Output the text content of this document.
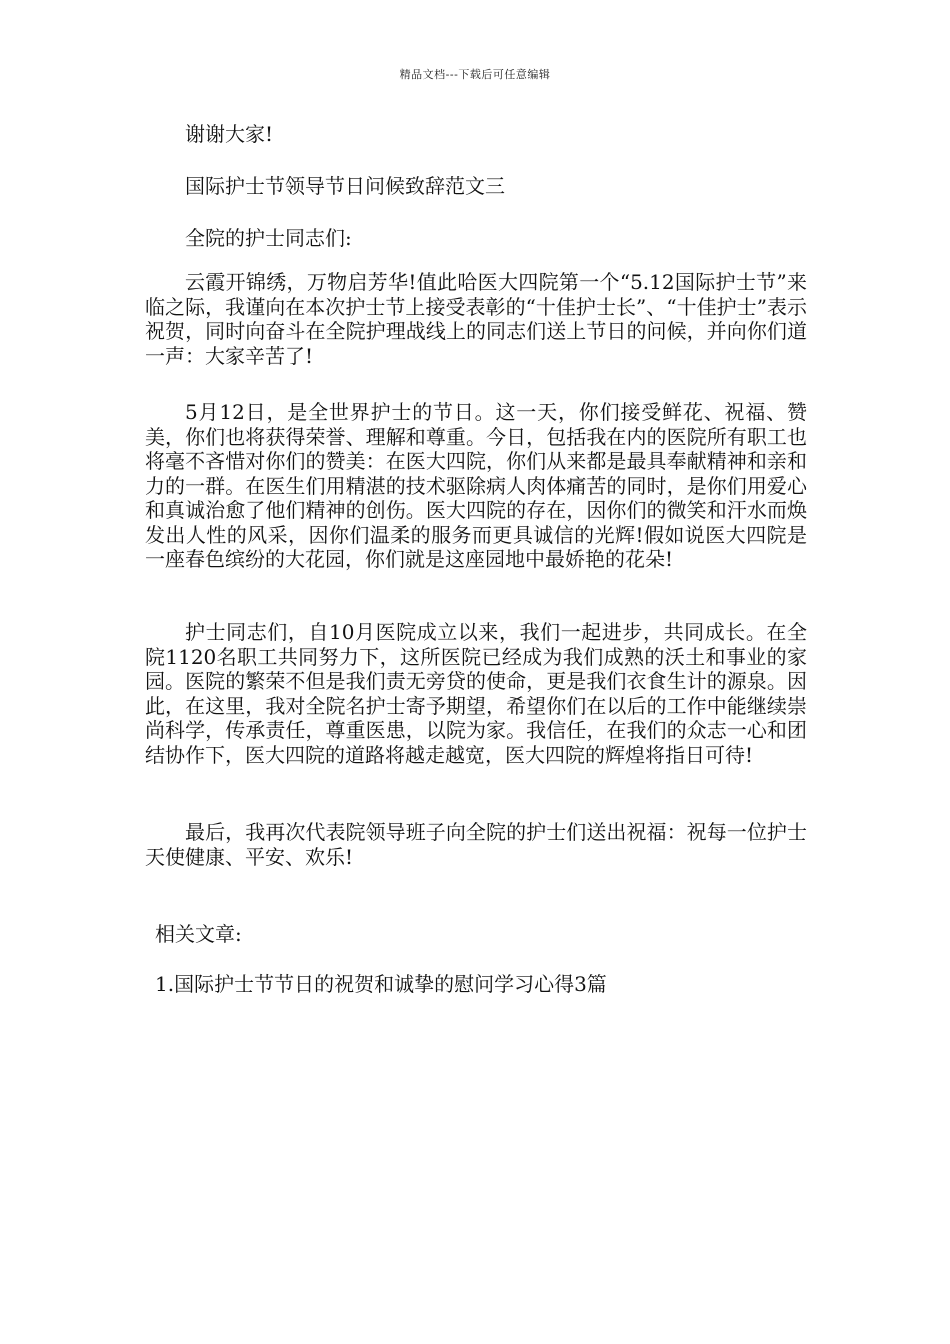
精品文档---下载后可任意编辑

谢谢大家!

国际护士节领导节日问候致辞范文三

全院的护士同志们:

云霞开锦绣，万物启芳华!值此哈医大四院第一个“5.12国际护士节”来临之际，我谨向在本次护士节上接受表彰的“十佳护士长”、“十佳护士”表示祝贺，同时向奋斗在全院护理战线上的同志们送上节日的问候，并向你们道一声：大家辛苦了!

5月12日，是全世界护士的节日。这一天，你们接受鲜花、祝福、赞美，你们也将获得荣誉、理解和尊重。今日，包括我在内的医院所有职工也将毫不吝惜对你们的赞美：在医大四院，你们从来都是最具奉献精神和亲和力的一群。在医生们用精湛的技术驱除病人肉体痛苦的同时，是你们用爱心和真诚治愈了他们精神的创伤。医大四院的存在，因你们的微笑和汗水而焕发出人性的风采，因你们温柔的服务而更具诚信的光辉!假如说医大四院是一座春色缤纷的大花园，你们就是这座园地中最娇艳的花朵!

护士同志们，自10月医院成立以来，我们一起进步，共同成长。在全院1120名职工共同努力下，这所医院已经成为我们成熟的沃土和事业的家园。医院的繁荣不但是我们责无旁贷的使命，更是我们衣食生计的源泉。因此，在这里，我对全院名护士寄予期望，希望你们在以后的工作中能继续崇尚科学，传承责任，尊重医患，以院为家。我信任，在我们的众志一心和团结协作下，医大四院的道路将越走越宽，医大四院的辉煌将指日可待!

最后，我再次代表院领导班子向全院的护士们送出祝福：祝每一位护士天使健康、平安、欢乐!

相关文章:

1.国际护士节节日的祝贺和诚挚的慰问学习心得3篇
